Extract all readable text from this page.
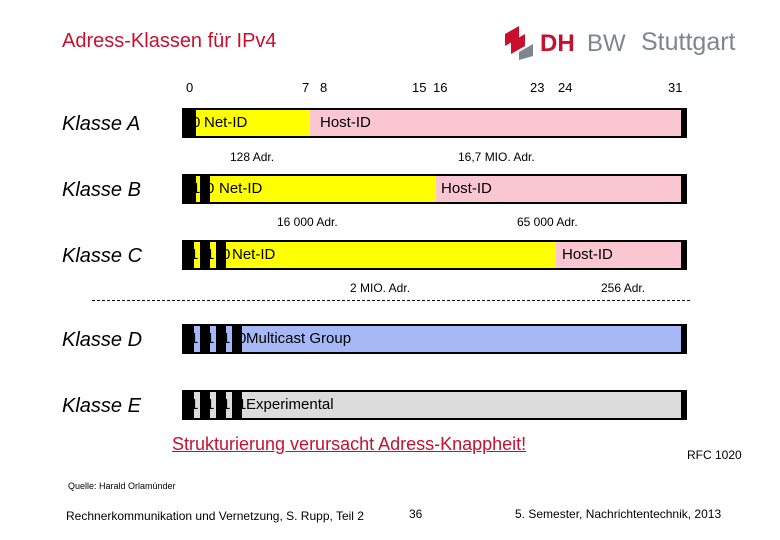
Adress-Klassen für IPv4	DH BW Stuttgart
0	7 8	15 16	23 24	31
Klasse A	0 Net-ID	Host-ID
128 Adr.	16,7 MIO. Adr.
Klasse B	1 0 Net-ID	Host-ID
16 000 Adr.	65 000 Adr.
Klasse C	1 1 0 Net-ID	Host-ID
2 MIO. Adr.	256 Adr.
Klasse D	1 1 1 0 Multicast Group
Klasse E	1 1 1 1 Experimental
Strukturierung verursacht Adress-Knappheit!
RFC 1020
Quelle: Harald Orlamünder
Rechnerkommunikation und Vernetzung, S. Rupp, Teil 2	36	5. Semester, Nachrichtentechnik, 2013
